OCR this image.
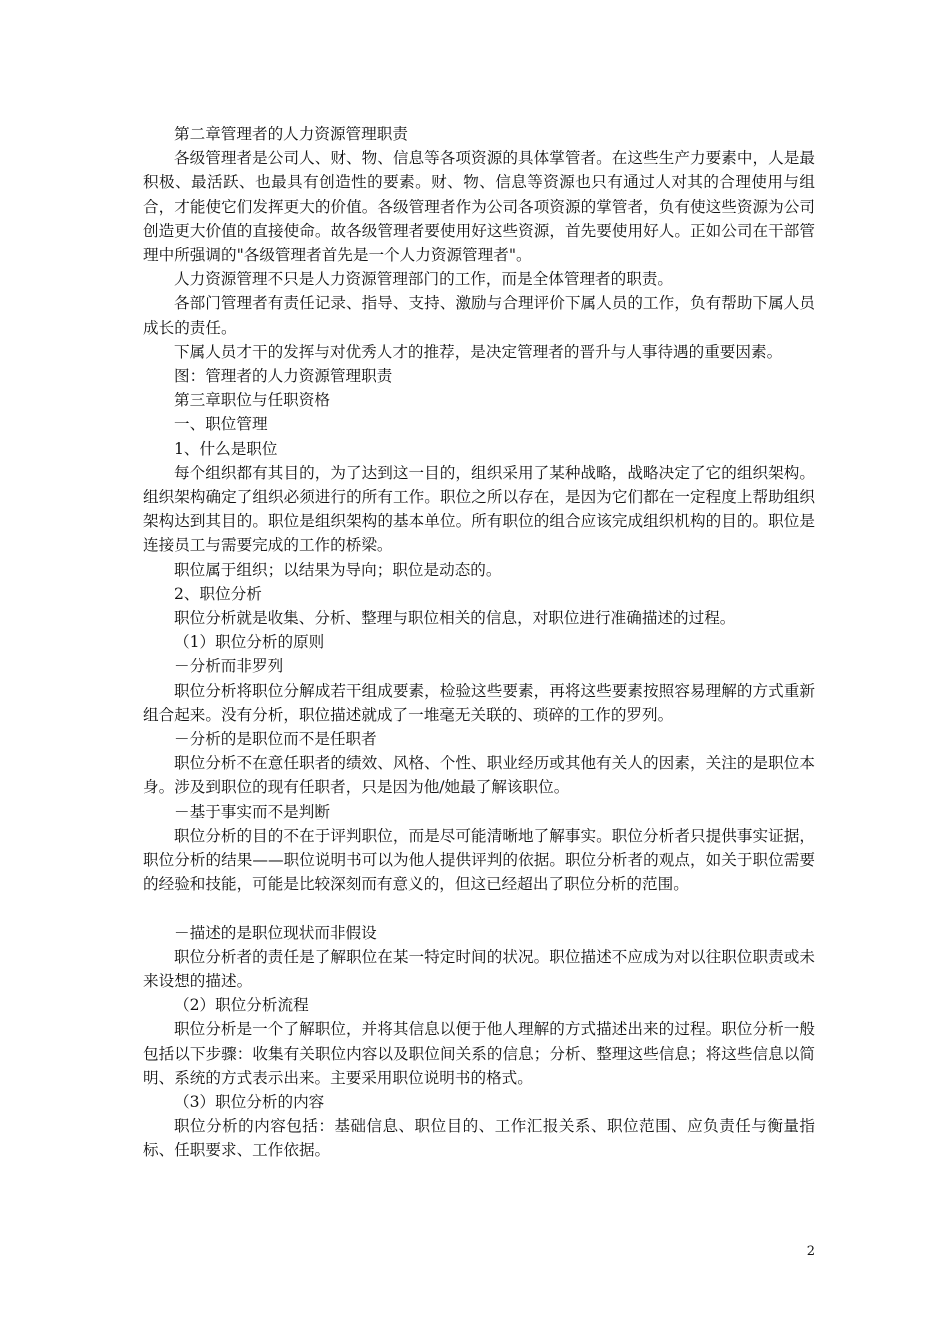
第二章管理者的人力资源管理职责

各级管理者是公司人、财、物、信息等各项资源的具体掌管者。在这些生产力要素中，人是最积极、最活跃、也最具有创造性的要素。财、物、信息等资源也只有通过人对其的合理使用与组合，才能使它们发挥更大的价值。各级管理者作为公司各项资源的掌管者，负有使这些资源为公司创造更大价值的直接使命。故各级管理者要使用好这些资源，首先要使用好人。正如公司在干部管理中所强调的"各级管理者首先是一个人力资源管理者"。

人力资源管理不只是人力资源管理部门的工作，而是全体管理者的职责。

各部门管理者有责任记录、指导、支持、激励与合理评价下属人员的工作，负有帮助下属人员成长的责任。

下属人员才干的发挥与对优秀人才的推荐，是决定管理者的晋升与人事待遇的重要因素。

图：管理者的人力资源管理职责

第三章职位与任职资格

一、职位管理

1、什么是职位

每个组织都有其目的，为了达到这一目的，组织采用了某种战略，战略决定了它的组织架构。组织架构确定了组织必须进行的所有工作。职位之所以存在，是因为它们都在一定程度上帮助组织架构达到其目的。职位是组织架构的基本单位。所有职位的组合应该完成组织机构的目的。职位是连接员工与需要完成的工作的桥梁。

职位属于组织；以结果为导向；职位是动态的。

2、职位分析

职位分析就是收集、分析、整理与职位相关的信息，对职位进行准确描述的过程。

（1）职位分析的原则

－分析而非罗列

职位分析将职位分解成若干组成要素，检验这些要素，再将这些要素按照容易理解的方式重新组合起来。没有分析，职位描述就成了一堆毫无关联的、琐碎的工作的罗列。

－分析的是职位而不是任职者

职位分析不在意任职者的绩效、风格、个性、职业经历或其他有关人的因素，关注的是职位本身。涉及到职位的现有任职者，只是因为他/她最了解该职位。

－基于事实而不是判断

职位分析的目的不在于评判职位，而是尽可能清晰地了解事实。职位分析者只提供事实证据，职位分析的结果——职位说明书可以为他人提供评判的依据。职位分析者的观点，如关于职位需要的经验和技能，可能是比较深刻而有意义的，但这已经超出了职位分析的范围。

－描述的是职位现状而非假设

职位分析者的责任是了解职位在某一特定时间的状况。职位描述不应成为对以往职位职责或未来设想的描述。

（2）职位分析流程

职位分析是一个了解职位，并将其信息以便于他人理解的方式描述出来的过程。职位分析一般包括以下步骤：收集有关职位内容以及职位间关系的信息；分析、整理这些信息；将这些信息以简明、系统的方式表示出来。主要采用职位说明书的格式。

（3）职位分析的内容

职位分析的内容包括：基础信息、职位目的、工作汇报关系、职位范围、应负责任与衡量指标、任职要求、工作依据。

2
